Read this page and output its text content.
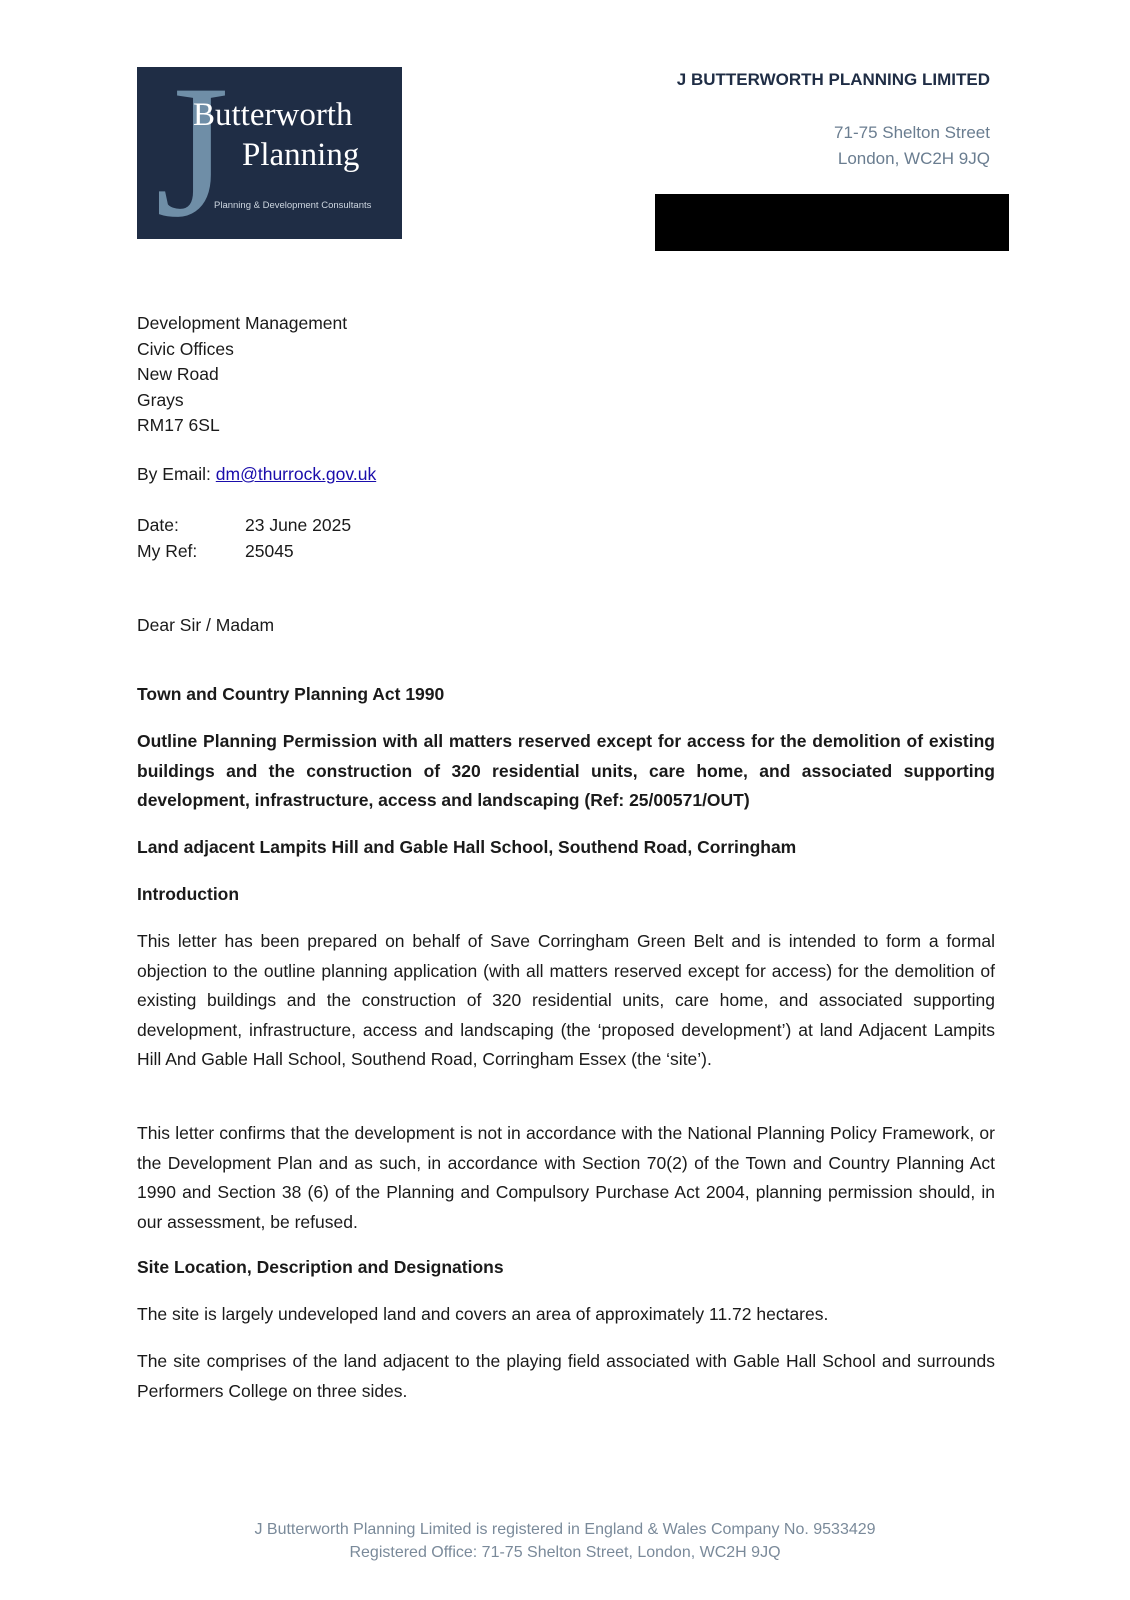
J
Butterworth
Planning
Planning & Development Consultants
J BUTTERWORTH PLANNING LIMITED
71-75 Shelton Street
London, WC2H 9JQ
Development Management
Civic Offices
New Road
Grays
RM17 6SL
By Email: dm@thurrock.gov.uk
Date:	23 June 2025
My Ref:	25045
Dear Sir / Madam
Town and Country Planning Act 1990
Outline Planning Permission with all matters reserved except for access for the demolition of existing buildings and the construction of 320 residential units, care home, and associated supporting development, infrastructure, access and landscaping (Ref: 25/00571/OUT)
Land adjacent Lampits Hill and Gable Hall School, Southend Road, Corringham
Introduction
This letter has been prepared on behalf of Save Corringham Green Belt and is intended to form a formal objection to the outline planning application (with all matters reserved except for access) for the demolition of existing buildings and the construction of 320 residential units, care home, and associated supporting development, infrastructure, access and landscaping (the ‘proposed development’) at land Adjacent Lampits Hill And Gable Hall School, Southend Road, Corringham Essex (the ‘site’).
This letter confirms that the development is not in accordance with the National Planning Policy Framework, or the Development Plan and as such, in accordance with Section 70(2) of the Town and Country Planning Act 1990 and Section 38 (6) of the Planning and Compulsory Purchase Act 2004, planning permission should, in our assessment, be refused.
Site Location, Description and Designations
The site is largely undeveloped land and covers an area of approximately 11.72 hectares.
The site comprises of the land adjacent to the playing field associated with Gable Hall School and surrounds Performers College on three sides.
J Butterworth Planning Limited is registered in England & Wales Company No. 9533429
Registered Office: 71-75 Shelton Street, London, WC2H 9JQ
